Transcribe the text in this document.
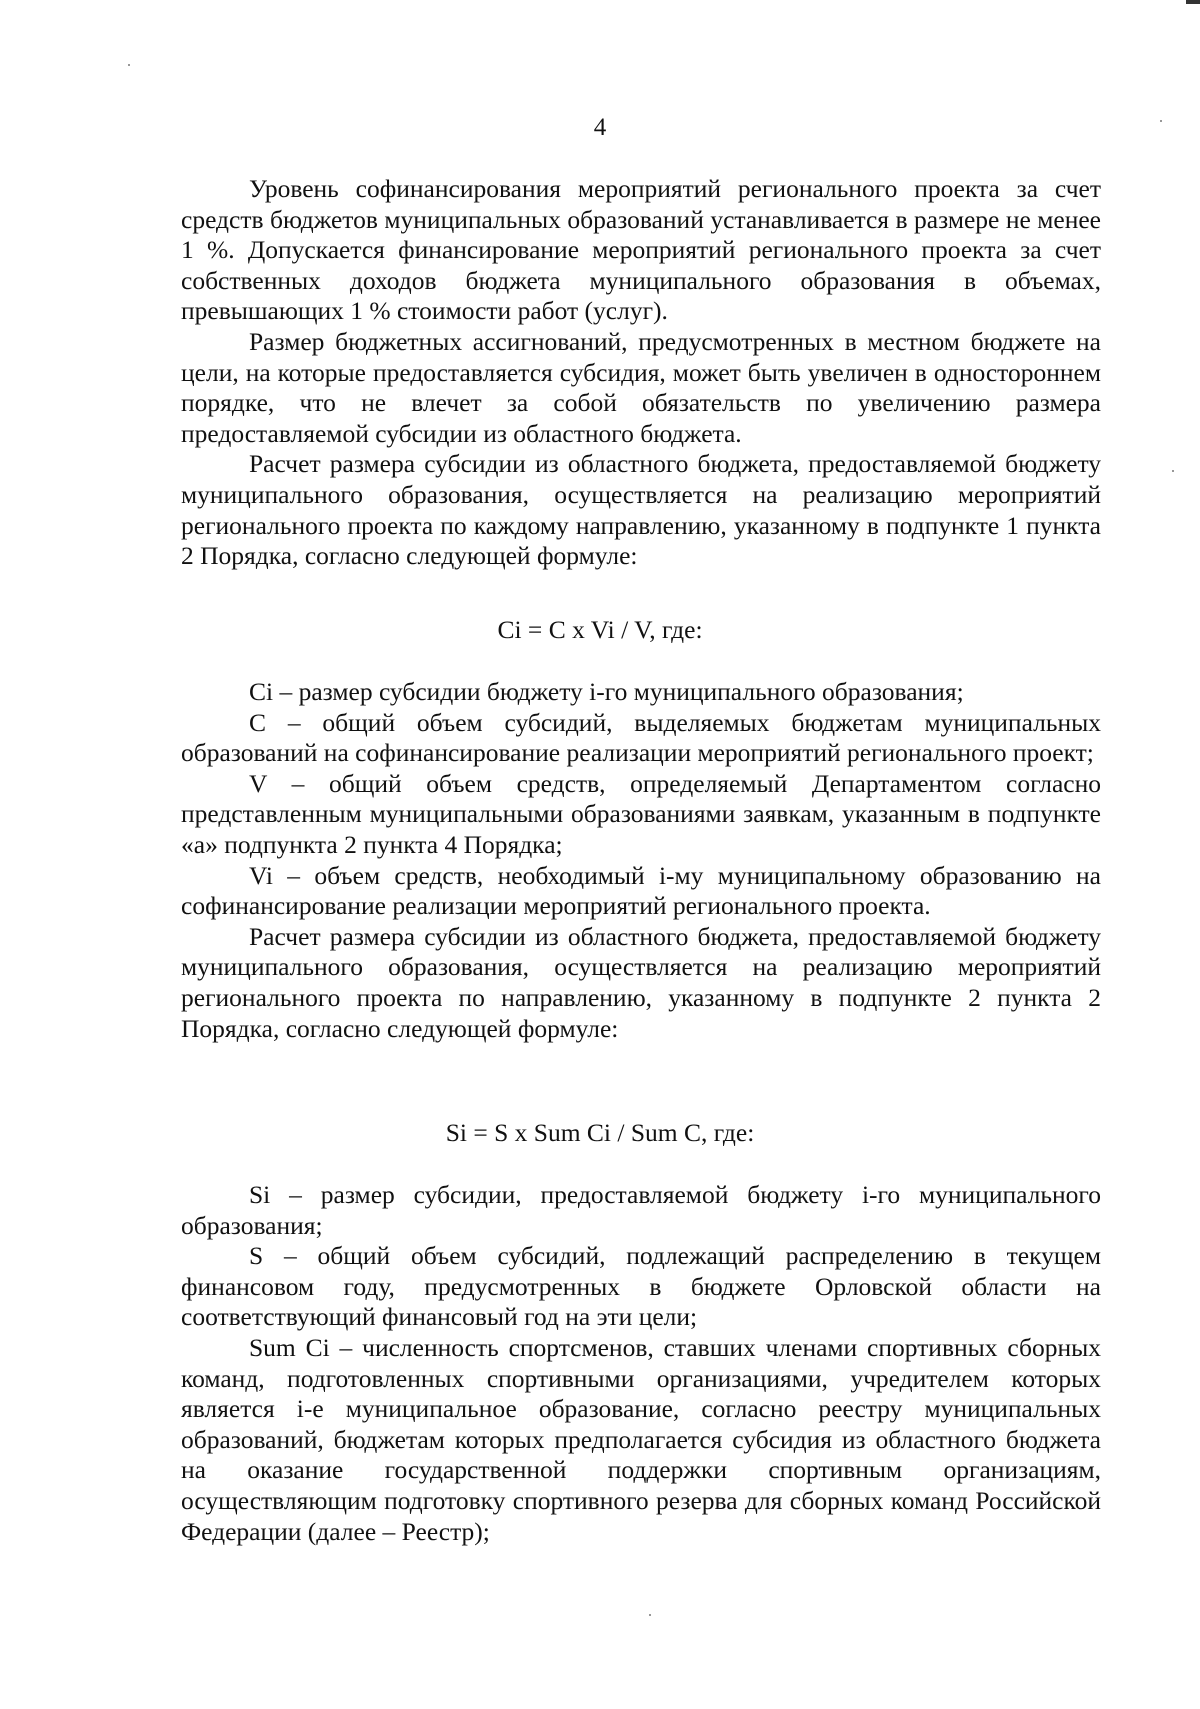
4

Уровень софинансирования мероприятий регионального проекта за счет средств бюджетов муниципальных образований устанавливается в размере не менее 1 %. Допускается финансирование мероприятий регионального проекта за счет собственных доходов бюджета муниципального образования в объемах, превышающих 1 % стоимости работ (услуг).

Размер бюджетных ассигнований, предусмотренных в местном бюджете на цели, на которые предоставляется субсидия, может быть увеличен в одностороннем порядке, что не влечет за собой обязательств по увеличению размера предоставляемой субсидии из областного бюджета.

Расчет размера субсидии из областного бюджета, предоставляемой бюджету муниципального образования, осуществляется на реализацию мероприятий регионального проекта по каждому направлению, указанному в подпункте 1 пункта 2 Порядка, согласно следующей формуле:

Ci = C x Vi / V, где:

Ci – размер субсидии бюджету i-го муниципального образования;

C – общий объем субсидий, выделяемых бюджетам муниципальных образований на софинансирование реализации мероприятий регионального проект;

V – общий объем средств, определяемый Департаментом согласно представленным муниципальными образованиями заявкам, указанным в подпункте «а» подпункта 2 пункта 4 Порядка;

Vi – объем средств, необходимый i-му муниципальному образованию на софинансирование реализации мероприятий регионального проекта.

Расчет размера субсидии из областного бюджета, предоставляемой бюджету муниципального образования, осуществляется на реализацию мероприятий регионального проекта по направлению, указанному в подпункте 2 пункта 2 Порядка, согласно следующей формуле:

Si = S x Sum Ci / Sum C, где:

Si – размер субсидии, предоставляемой бюджету i-го муниципального образования;

S – общий объем субсидий, подлежащий распределению в текущем финансовом году, предусмотренных в бюджете Орловской области на соответствующий финансовый год на эти цели;

Sum Ci – численность спортсменов, ставших членами спортивных сборных команд, подготовленных спортивными организациями, учредителем которых является i-е муниципальное образование, согласно реестру муниципальных образований, бюджетам которых предполагается субсидия из областного бюджета на оказание государственной поддержки спортивным организациям, осуществляющим подготовку спортивного резерва для сборных команд Российской Федерации (далее – Реестр);
